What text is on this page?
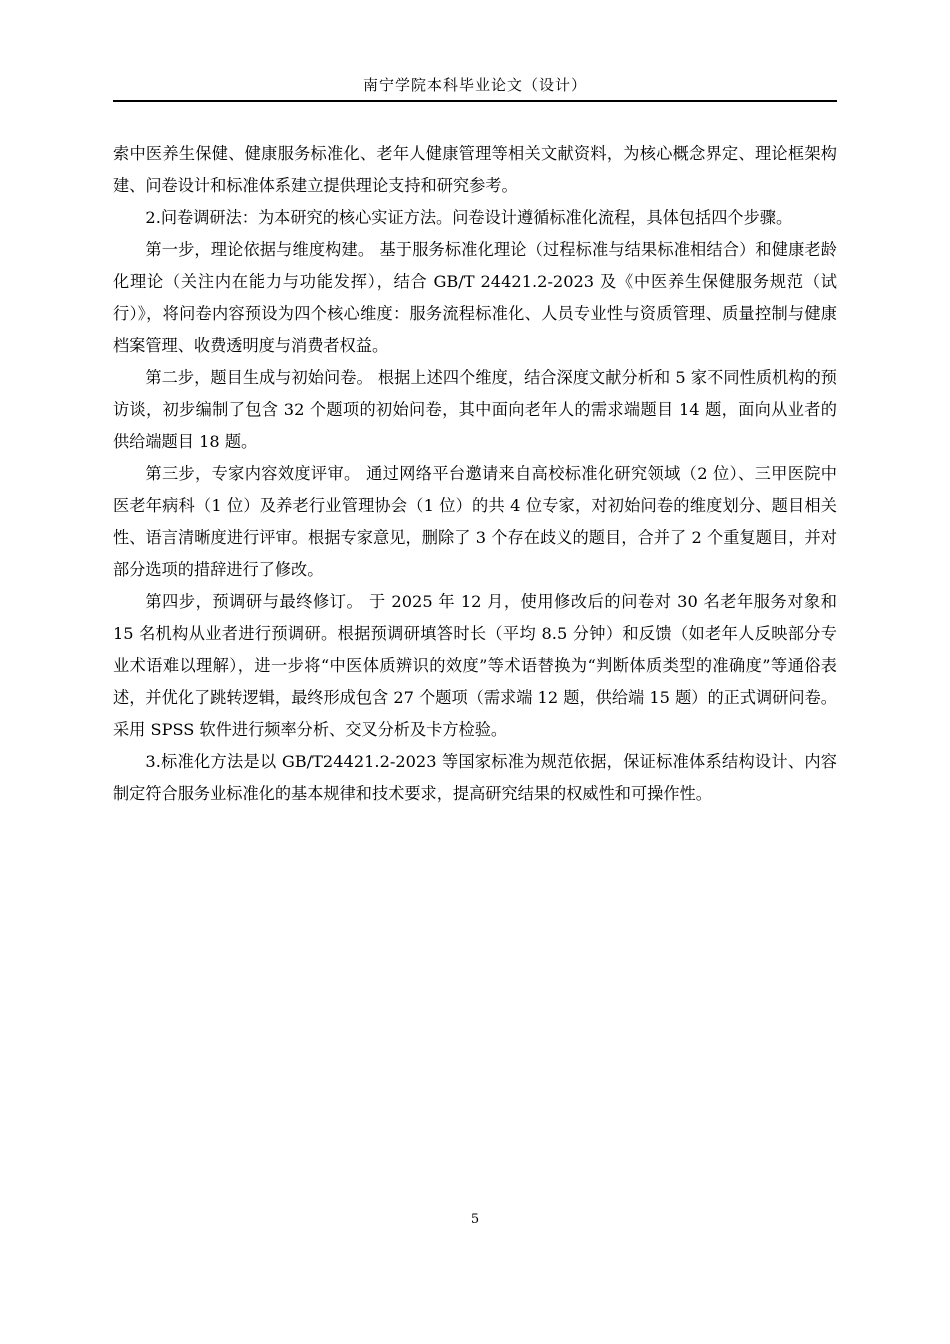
南宁学院本科毕业论文（设计）

索中医养生保健、健康服务标准化、老年人健康管理等相关文献资料，为核心概念界定、理论框架构建、问卷设计和标准体系建立提供理论支持和研究参考。

2.问卷调研法：为本研究的核心实证方法。问卷设计遵循标准化流程，具体包括四个步骤。

第一步，理论依据与维度构建。 基于服务标准化理论（过程标准与结果标准相结合）和健康老龄化理论（关注内在能力与功能发挥），结合 GB/T 24421.2-2023 及《中医养生保健服务规范（试行）》，将问卷内容预设为四个核心维度：服务流程标准化、人员专业性与资质管理、质量控制与健康档案管理、收费透明度与消费者权益。

第二步，题目生成与初始问卷。 根据上述四个维度，结合深度文献分析和 5 家不同性质机构的预访谈，初步编制了包含 32 个题项的初始问卷，其中面向老年人的需求端题目 14 题，面向从业者的供给端题目 18 题。

第三步，专家内容效度评审。 通过网络平台邀请来自高校标准化研究领域（2 位）、三甲医院中医老年病科（1 位）及养老行业管理协会（1 位）的共 4 位专家，对初始问卷的维度划分、题目相关性、语言清晰度进行评审。根据专家意见，删除了 3 个存在歧义的题目，合并了 2 个重复题目，并对部分选项的措辞进行了修改。

第四步，预调研与最终修订。 于 2025 年 12 月，使用修改后的问卷对 30 名老年服务对象和 15 名机构从业者进行预调研。根据预调研填答时长（平均 8.5 分钟）和反馈（如老年人反映部分专业术语难以理解），进一步将“中医体质辨识的效度”等术语替换为“判断体质类型的准确度”等通俗表述，并优化了跳转逻辑，最终形成包含 27 个题项（需求端 12 题，供给端 15 题）的正式调研问卷。采用 SPSS 软件进行频率分析、交叉分析及卡方检验。

3.标准化方法是以 GB/T24421.2-2023 等国家标准为规范依据，保证标准体系结构设计、内容制定符合服务业标准化的基本规律和技术要求，提高研究结果的权威性和可操作性。

5
